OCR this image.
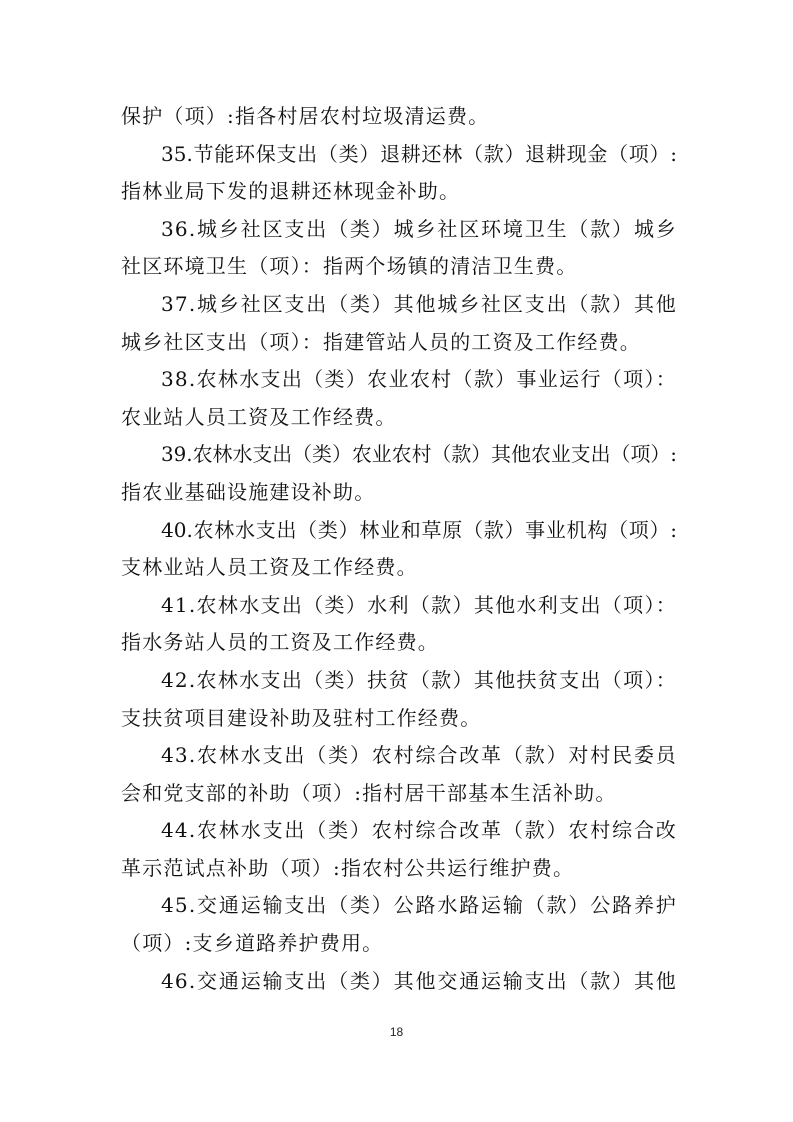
保护（项）:指各村居农村垃圾清运费。
35.节能环保支出（类）退耕还林（款）退耕现金（项）:
指林业局下发的退耕还林现金补助。
36.城乡社区支出（类）城乡社区环境卫生（款）城乡
社区环境卫生（项）：指两个场镇的清洁卫生费。
37.城乡社区支出（类）其他城乡社区支出（款）其他
城乡社区支出（项）：指建管站人员的工资及工作经费。
38.农林水支出（类）农业农村（款）事业运行（项）：
农业站人员工资及工作经费。
39.农林水支出（类）农业农村（款）其他农业支出（项）:
指农业基础设施建设补助。
40.农林水支出（类）林业和草原（款）事业机构（项）:
支林业站人员工资及工作经费。
41.农林水支出（类）水利（款）其他水利支出（项）：
指水务站人员的工资及工作经费。
42.农林水支出（类）扶贫（款）其他扶贫支出（项）：
支扶贫项目建设补助及驻村工作经费。
43.农林水支出（类）农村综合改革（款）对村民委员
会和党支部的补助（项）:指村居干部基本生活补助。
44.农林水支出（类）农村综合改革（款）农村综合改
革示范试点补助（项）:指农村公共运行维护费。
45.交通运输支出（类）公路水路运输（款）公路养护
（项）:支乡道路养护费用。
46.交通运输支出（类）其他交通运输支出（款）其他
18
